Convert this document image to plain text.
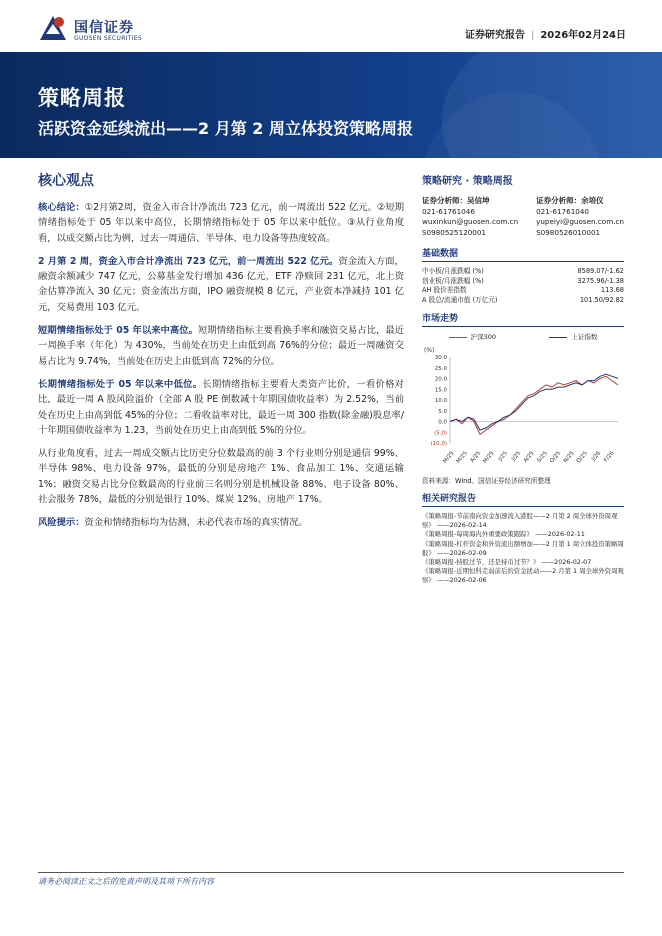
国信证券
GUOSEN SECURITIES	证券研究报告 | 2026年02月24日
策略周报
活跃资金延续流出——2 月第 2 周立体投资策略周报
核心观点

核心结论：①2月第2周，资金入市合计净流出 723 亿元，前一周流出 522 亿元。②短期情绪指标处于 05 年以来中高位，长期情绪指标处于 05 年以来中低位。③从行业角度看，以成交额占比为例，过去一周通信、半导体、电力设备等热度较高。

2 月第 2 周，资金入市合计净流出 723 亿元，前一周流出 522 亿元。资金流入方面，融资余额减少 747 亿元，公募基金发行增加 436 亿元，ETF 净赎回 231 亿元，北上资金估算净流入 30 亿元；资金流出方面，IPO 融资规模 8 亿元，产业资本净减持 101 亿元，交易费用 103 亿元。

短期情绪指标处于 05 年以来中高位。短期情绪指标主要看换手率和融资交易占比，最近一周换手率（年化）为 430%，当前处在历史上由低到高 76%的分位；最近一周融资交易占比为 9.74%，当前处在历史上由低到高 72%的分位。

长期情绪指标处于 05 年以来中低位。长期情绪指标主要看大类资产比价，一看价格对比，最近一周 A 股风险溢价（全部 A 股 PE 倒数减十年期国债收益率）为 2.52%，当前处在历史上由高到低 45%的分位；二看收益率对比，最近一周 300 指数(除金融)股息率/十年期国债收益率为 1.23，当前处在历史上由高到低 5%的分位。

从行业角度看，过去一周成交额占比历史分位数最高的前 3 个行业则分别是通信 99%、半导体 98%、电力设备 97%，最低的分别是房地产 1%、食品加工 1%、交通运输 1%；融资交易占比分位数最高的行业前三名则分别是机械设备 88%、电子设备 80%、社会服务 78%，最低的分别是银行 10%、煤炭 12%、房地产 17%。

风险提示：资金和情绪指标均为估测，未必代表市场的真实情况。

策略研究 · 策略周报
证券分析师：吴信坤
021-61761046
wuxinkun@guosen.com.cn
S0980525120001
证券分析师：余培仪
021-61761040
yupeiyi@guosen.com.cn
S0980526010001
基础数据
中小板/月涨跌幅 (%)	8589.07/-1.62
创业板/月涨跌幅 (%)	3275.96/-1.38
AH 股价差指数	113.68
A 股总/流通市值 (万亿元)	101.50/92.82
市场走势
沪深300	上证指数
(%)
30.0
25.0
20.0
15.0
10.0
5.0
0.0
(5.0)
(10.0)
M/25 M/25 A/25 M/25 J/25 J/25 A/25 S/25 O/25 N/25 D/25 J/26 F/26
资料来源：Wind、国信证券经济研究所整理
相关研究报告
《策略周报-节前南向资金加速流入港股——2 月第 2 周全球外资周观察》 ——2026-02-14
《策略周报-每周海内外重要政策跟踪》 ——2026-02-11
《策略周报-杠杆资金和外资流出额增加——2 月第 1 周立体投资策略周报》 ——2026-02-09
《策略周报-持股过节，还是持币过节？》 ——2026-02-07
《策略周报-近期恒科走弱前后的资金扰动——2 月第 1 周全球外资周观察》 ——2026-02-06
请务必阅读正文之后的免责声明及其项下所有内容
